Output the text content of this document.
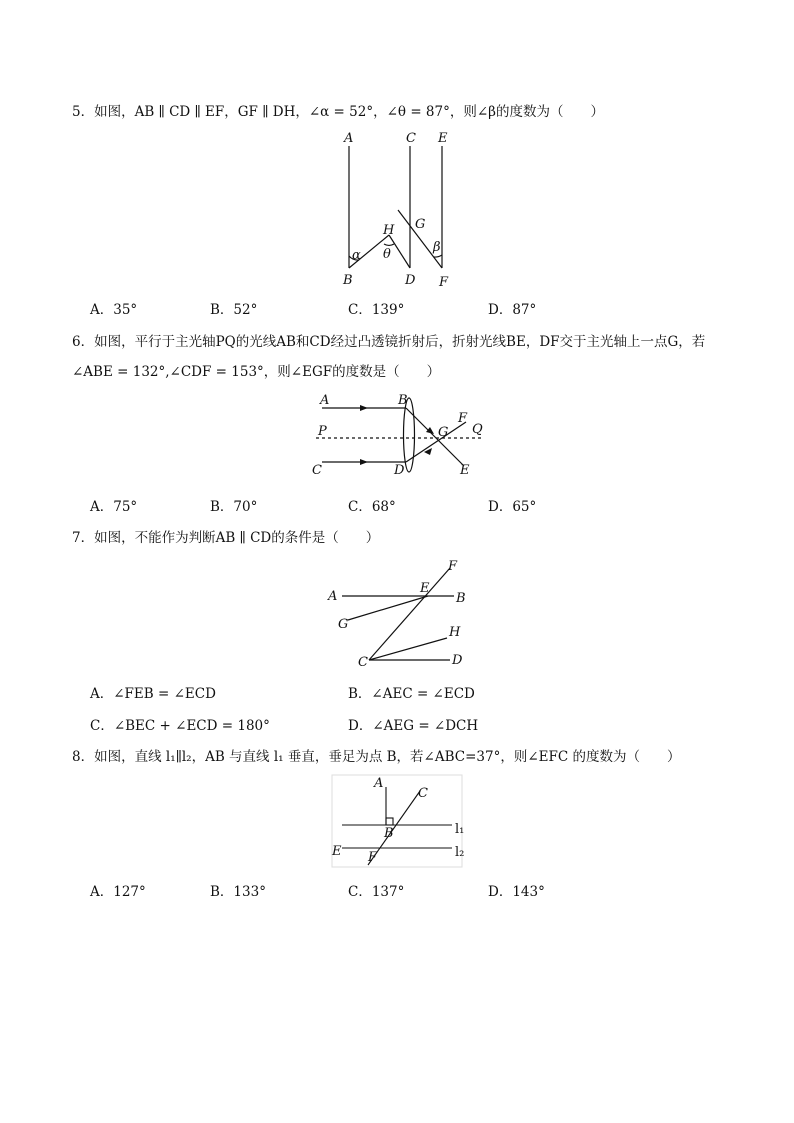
5．如图，AB ∥ CD ∥ EF，GF ∥ DH，∠α = 52°，∠θ = 87°，则∠β的度数为（　　）
A	C E
G
H
α θ	β
B	D F
A．35°	B．52°	C．139°	D．87°
6．如图，平行于主光轴PQ的光线AB和CD经过凸透镜折射后，折射光线BE，DF交于主光轴上一点G，若
∠ABE = 132°,∠CDF = 153°，则∠EGF的度数是（　　）
A	B
P	G
F
Q
C	D	E
A．75°	B．70°	C．68°	D．65°
7．如图，不能作为判断AB ∥ CD的条件是（　　）
F
A
E
B
G
H
C	D
A．∠FEB = ∠ECD	B．∠AEC = ∠ECD
C．∠BEC + ∠ECD = 180°	D．∠AEG = ∠DCH
8．如图，直线 l₁∥l₂，AB 与直线 l₁ 垂直，垂足为点 B，若∠ABC=37°，则∠EFC 的度数为（　　）
A
C
B	l₁
E F	l₂
A．127°	B．133°	C．137°	D．143°
